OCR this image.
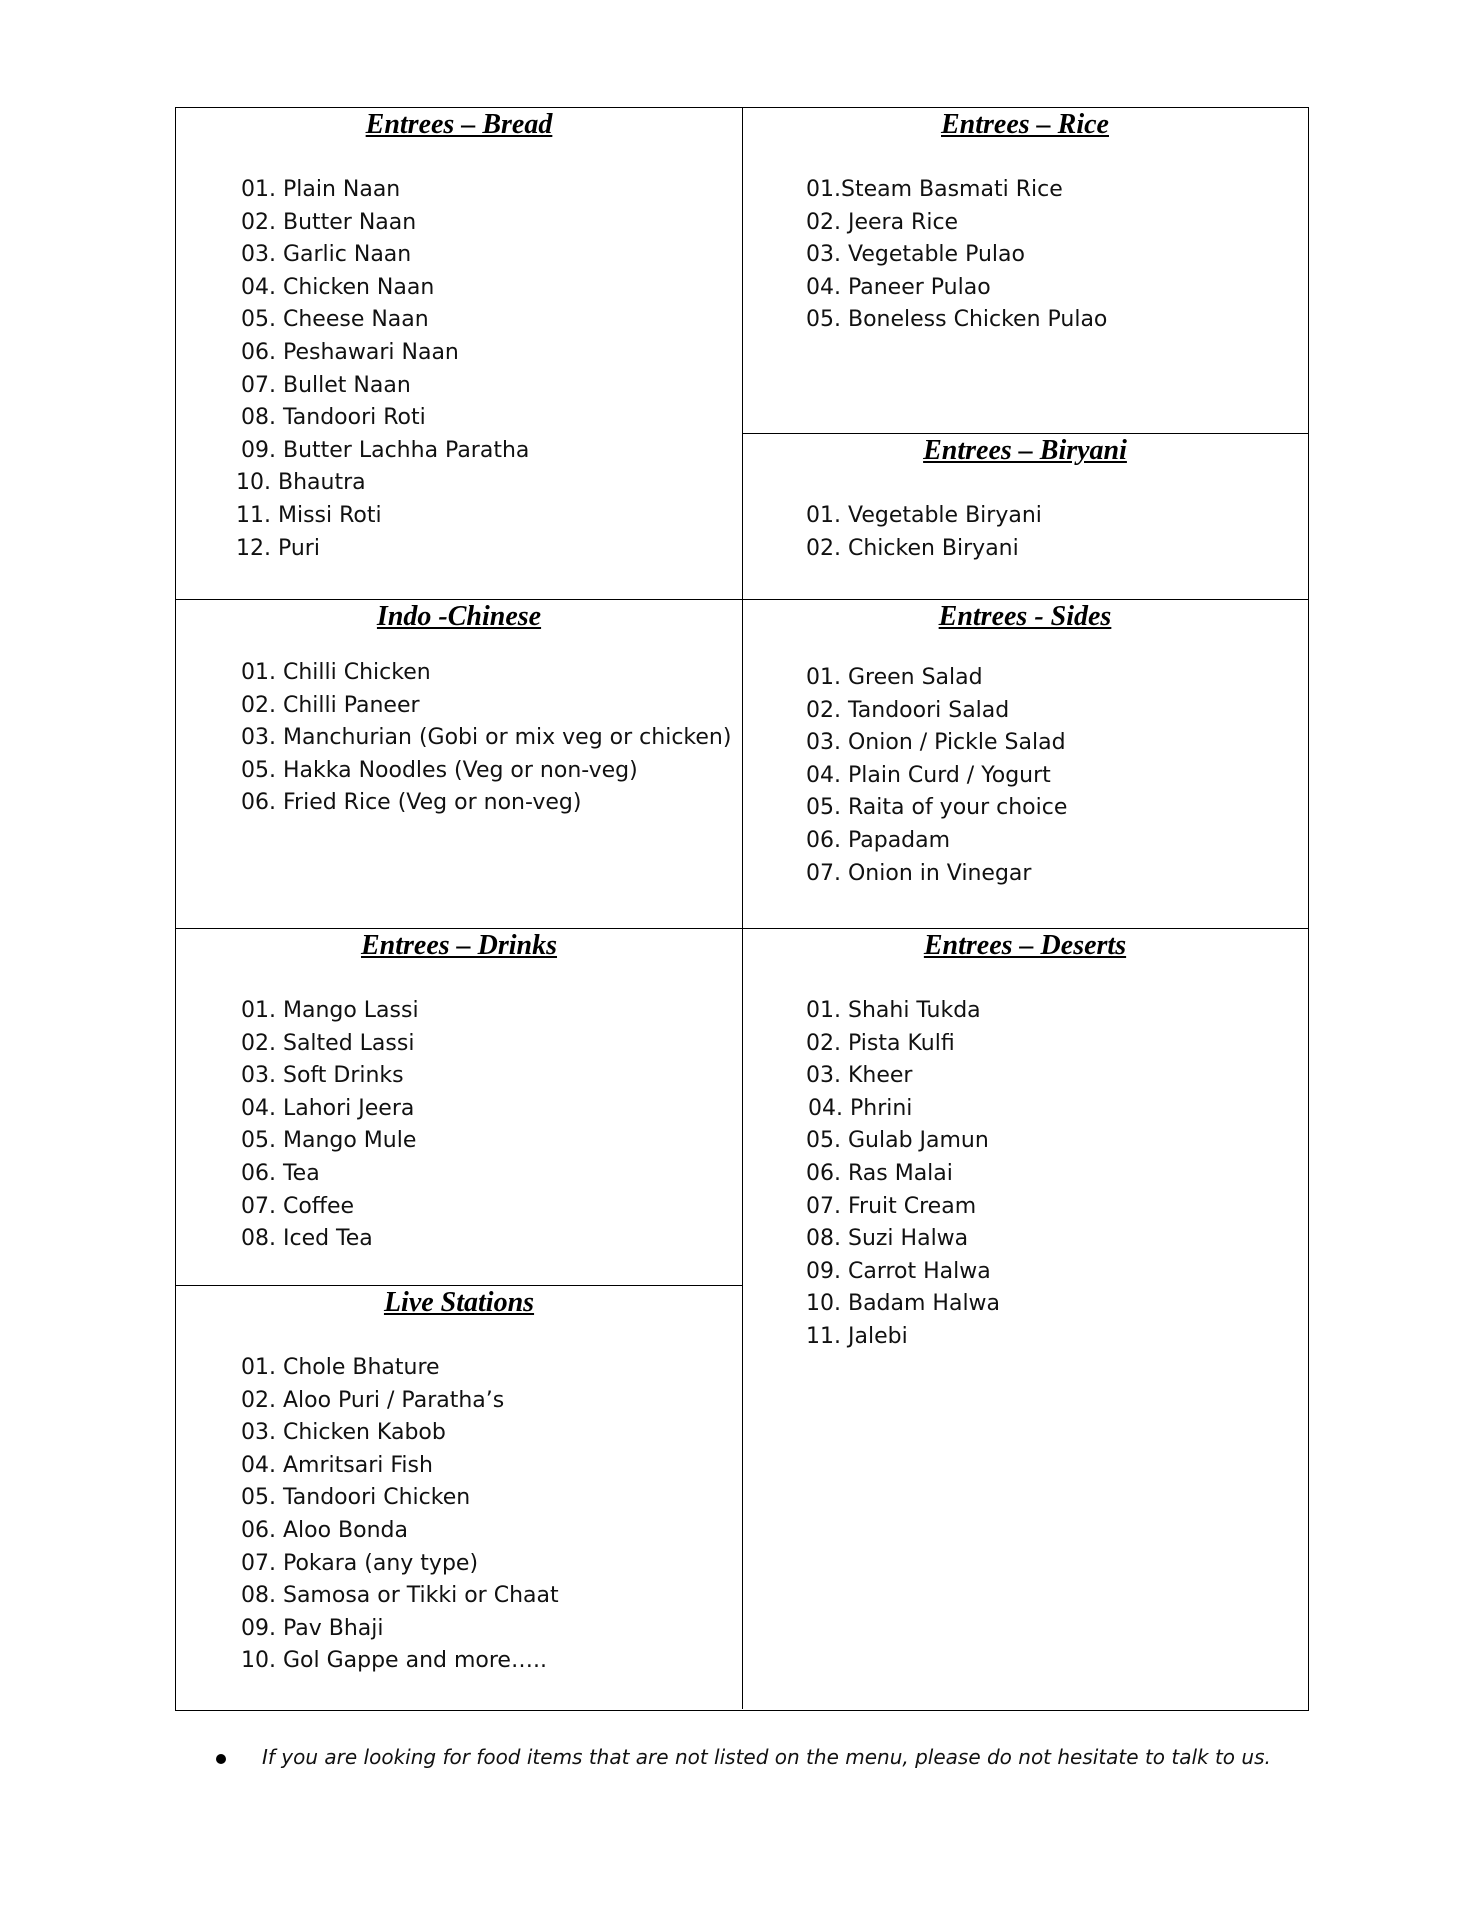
Entrees – Bread
01. Plain Naan
02. Butter Naan
03. Garlic Naan
04. Chicken Naan
05. Cheese Naan
06. Peshawari Naan
07. Bullet Naan
08. Tandoori Roti
09. Butter Lachha Paratha
10. Bhautra
11. Missi Roti
12. Puri
Entrees – Rice
01.Steam Basmati Rice
02. Jeera Rice
03. Vegetable Pulao
04. Paneer Pulao
05. Boneless Chicken Pulao
Entrees – Biryani
01. Vegetable Biryani
02. Chicken Biryani
Indo -Chinese
01. Chilli Chicken
02. Chilli Paneer
03. Manchurian (Gobi or mix veg or chicken)
05. Hakka Noodles (Veg or non-veg)
06. Fried Rice (Veg or non-veg)
Entrees - Sides
01. Green Salad
02. Tandoori Salad
03. Onion / Pickle Salad
04. Plain Curd / Yogurt
05. Raita of your choice
06. Papadam
07. Onion in Vinegar
Entrees – Drinks
01. Mango Lassi
02. Salted Lassi
03. Soft Drinks
04. Lahori Jeera
05. Mango Mule
06. Tea
07. Coffee
08. Iced Tea
Entrees – Deserts
01. Shahi Tukda
02. Pista Kulfi
03. Kheer
04. Phrini
05. Gulab Jamun
06. Ras Malai
07. Fruit Cream
08. Suzi Halwa
09. Carrot Halwa
10. Badam Halwa
11. Jalebi
Live Stations
01. Chole Bhature
02. Aloo Puri / Paratha’s
03. Chicken Kabob
04. Amritsari Fish
05. Tandoori Chicken
06. Aloo Bonda
07. Pokara (any type)
08. Samosa or Tikki or Chaat
09. Pav Bhaji
10. Gol Gappe and more…..

If you are looking for food items that are not listed on the menu, please do not hesitate to talk to us.
